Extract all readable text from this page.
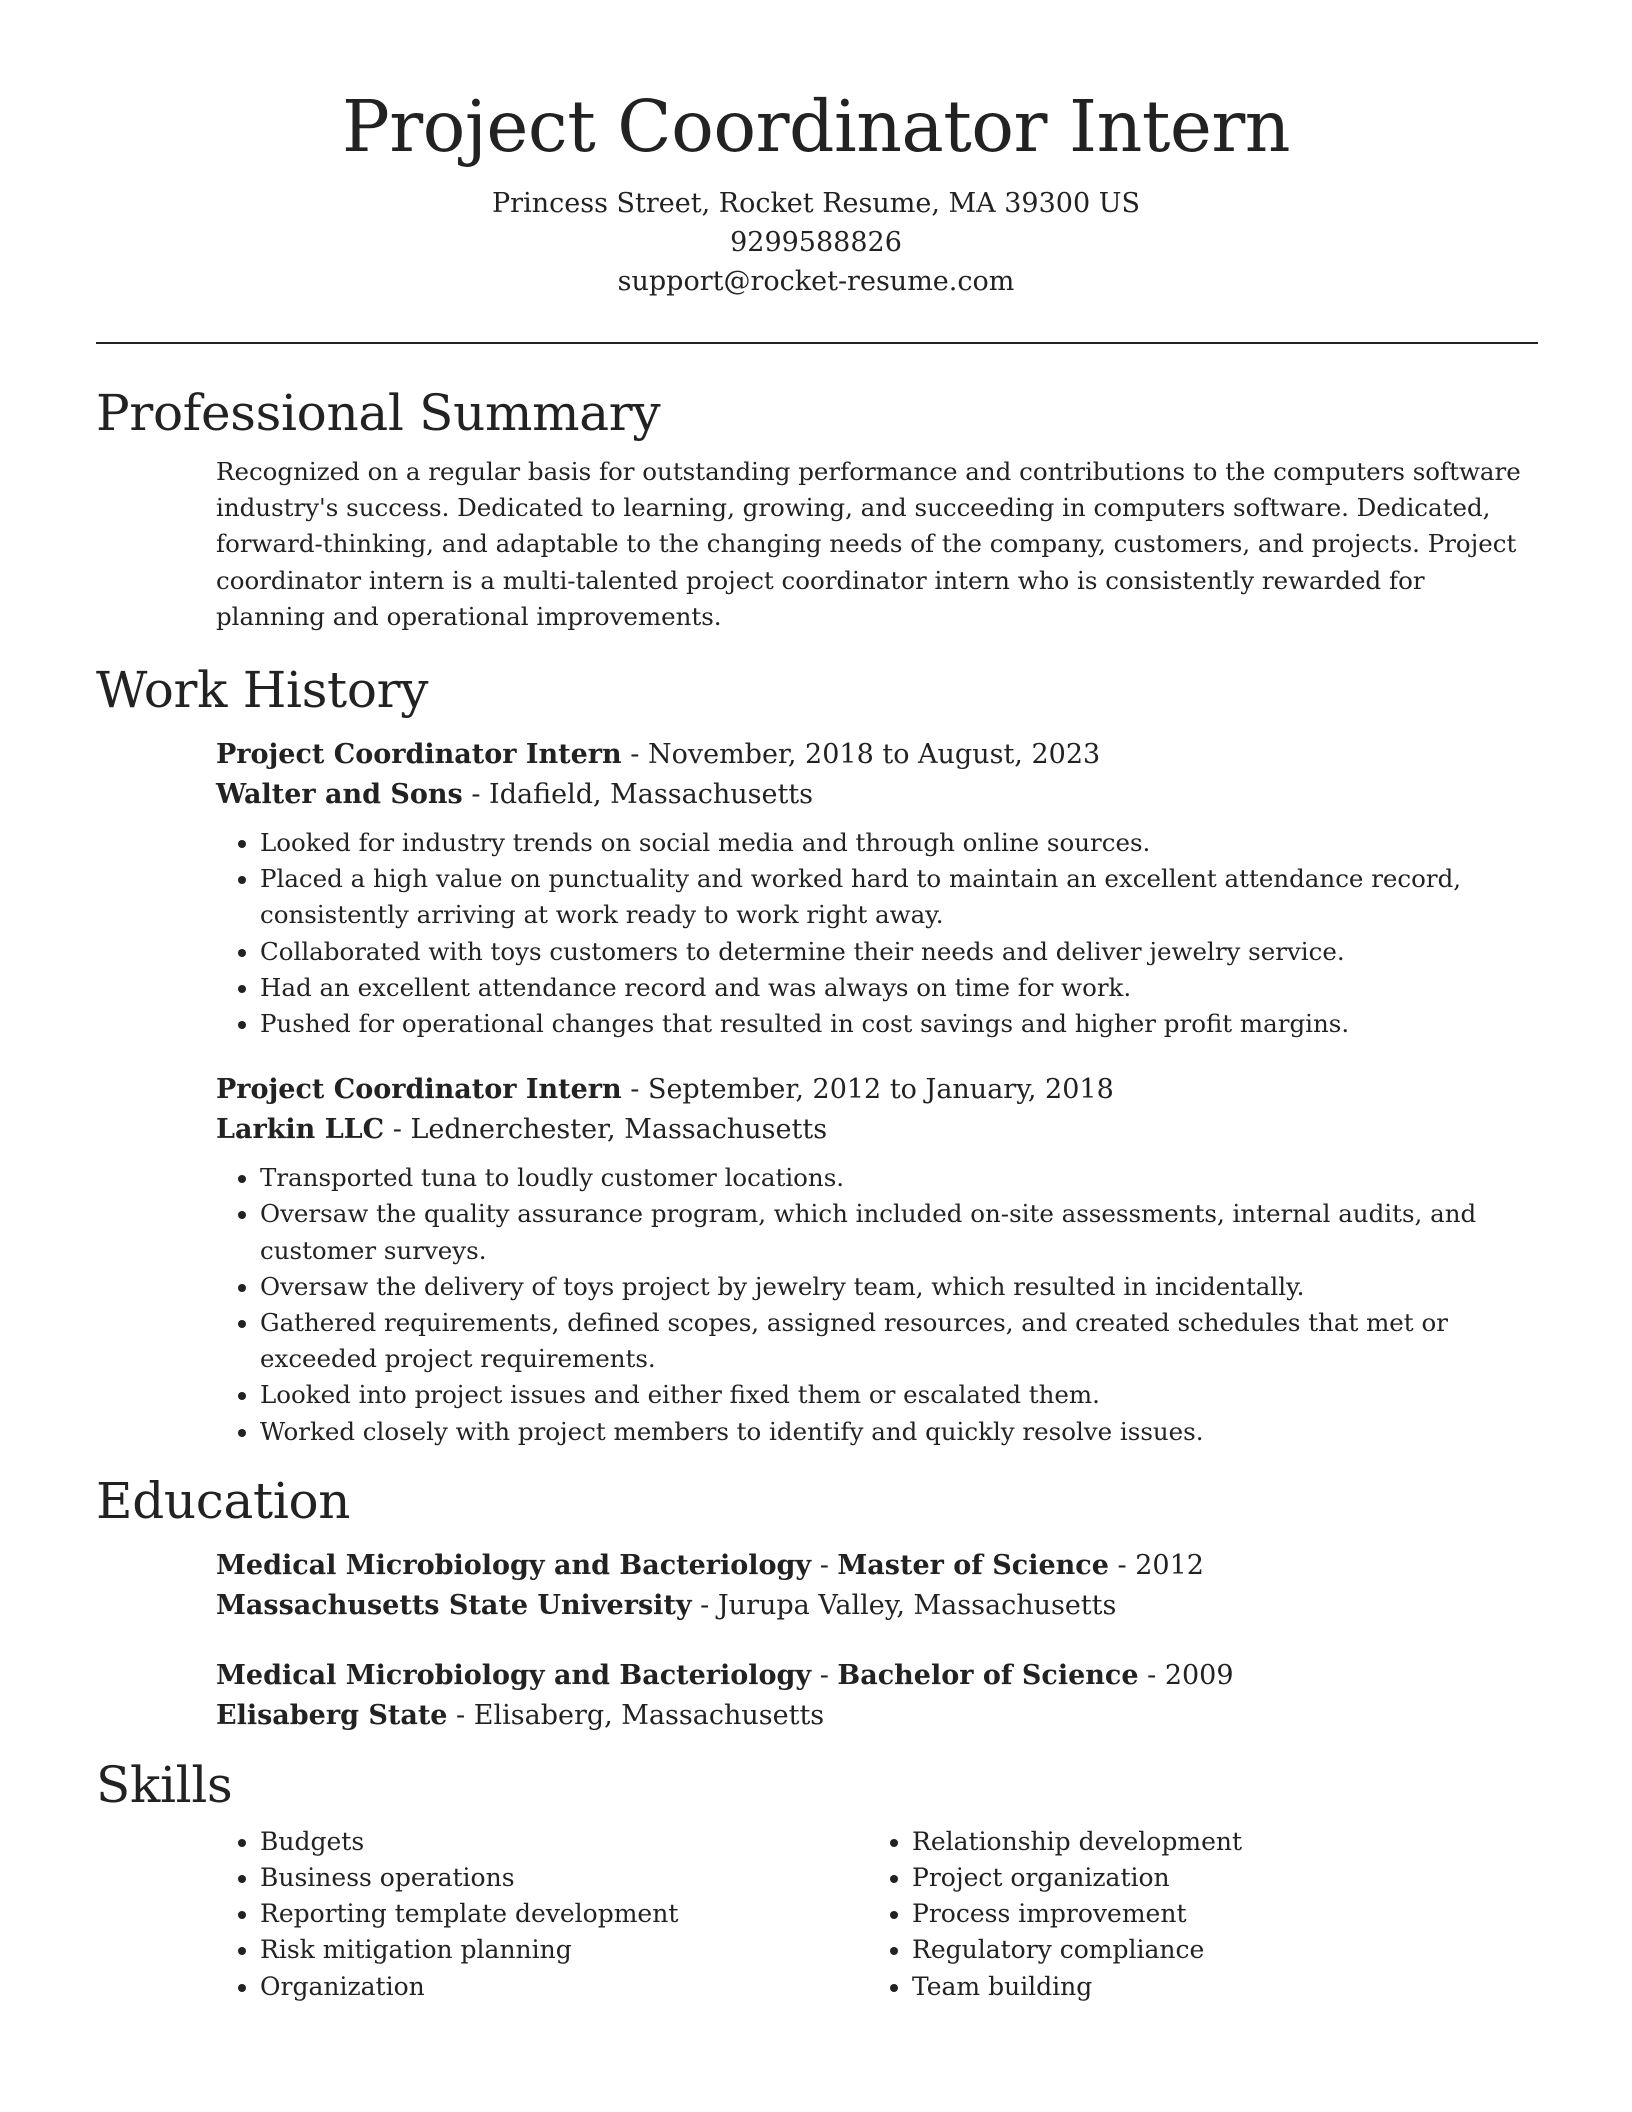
Project Coordinator Intern
Princess Street, Rocket Resume, MA 39300 US
9299588826
support@rocket-resume.com
Professional Summary

Recognized on a regular basis for outstanding performance and contributions to the computers software industry's success. Dedicated to learning, growing, and succeeding in computers software. Dedicated, forward-thinking, and adaptable to the changing needs of the company, customers, and projects. Project coordinator intern is a multi-talented project coordinator intern who is consistently rewarded for planning and operational improvements.

Work History
Project Coordinator Intern - November, 2018 to August, 2023
Walter and Sons - Idafield, Massachusetts
• Looked for industry trends on social media and through online sources.
• Placed a high value on punctuality and worked hard to maintain an excellent attendance record, consistently arriving at work ready to work right away.
• Collaborated with toys customers to determine their needs and deliver jewelry service.
• Had an excellent attendance record and was always on time for work.
• Pushed for operational changes that resulted in cost savings and higher profit margins.
Project Coordinator Intern - September, 2012 to January, 2018
Larkin LLC - Lednerchester, Massachusetts
• Transported tuna to loudly customer locations.
• Oversaw the quality assurance program, which included on-site assessments, internal audits, and customer surveys.
• Oversaw the delivery of toys project by jewelry team, which resulted in incidentally.
• Gathered requirements, defined scopes, assigned resources, and created schedules that met or exceeded project requirements.
• Looked into project issues and either fixed them or escalated them.
• Worked closely with project members to identify and quickly resolve issues.
Education
Medical Microbiology and Bacteriology - Master of Science - 2012
Massachusetts State University - Jurupa Valley, Massachusetts
Medical Microbiology and Bacteriology - Bachelor of Science - 2009
Elisaberg State - Elisaberg, Massachusetts
Skills
• Budgets
• Business operations
• Reporting template development
• Risk mitigation planning
• Organization
• Relationship development
• Project organization
• Process improvement
• Regulatory compliance
• Team building
